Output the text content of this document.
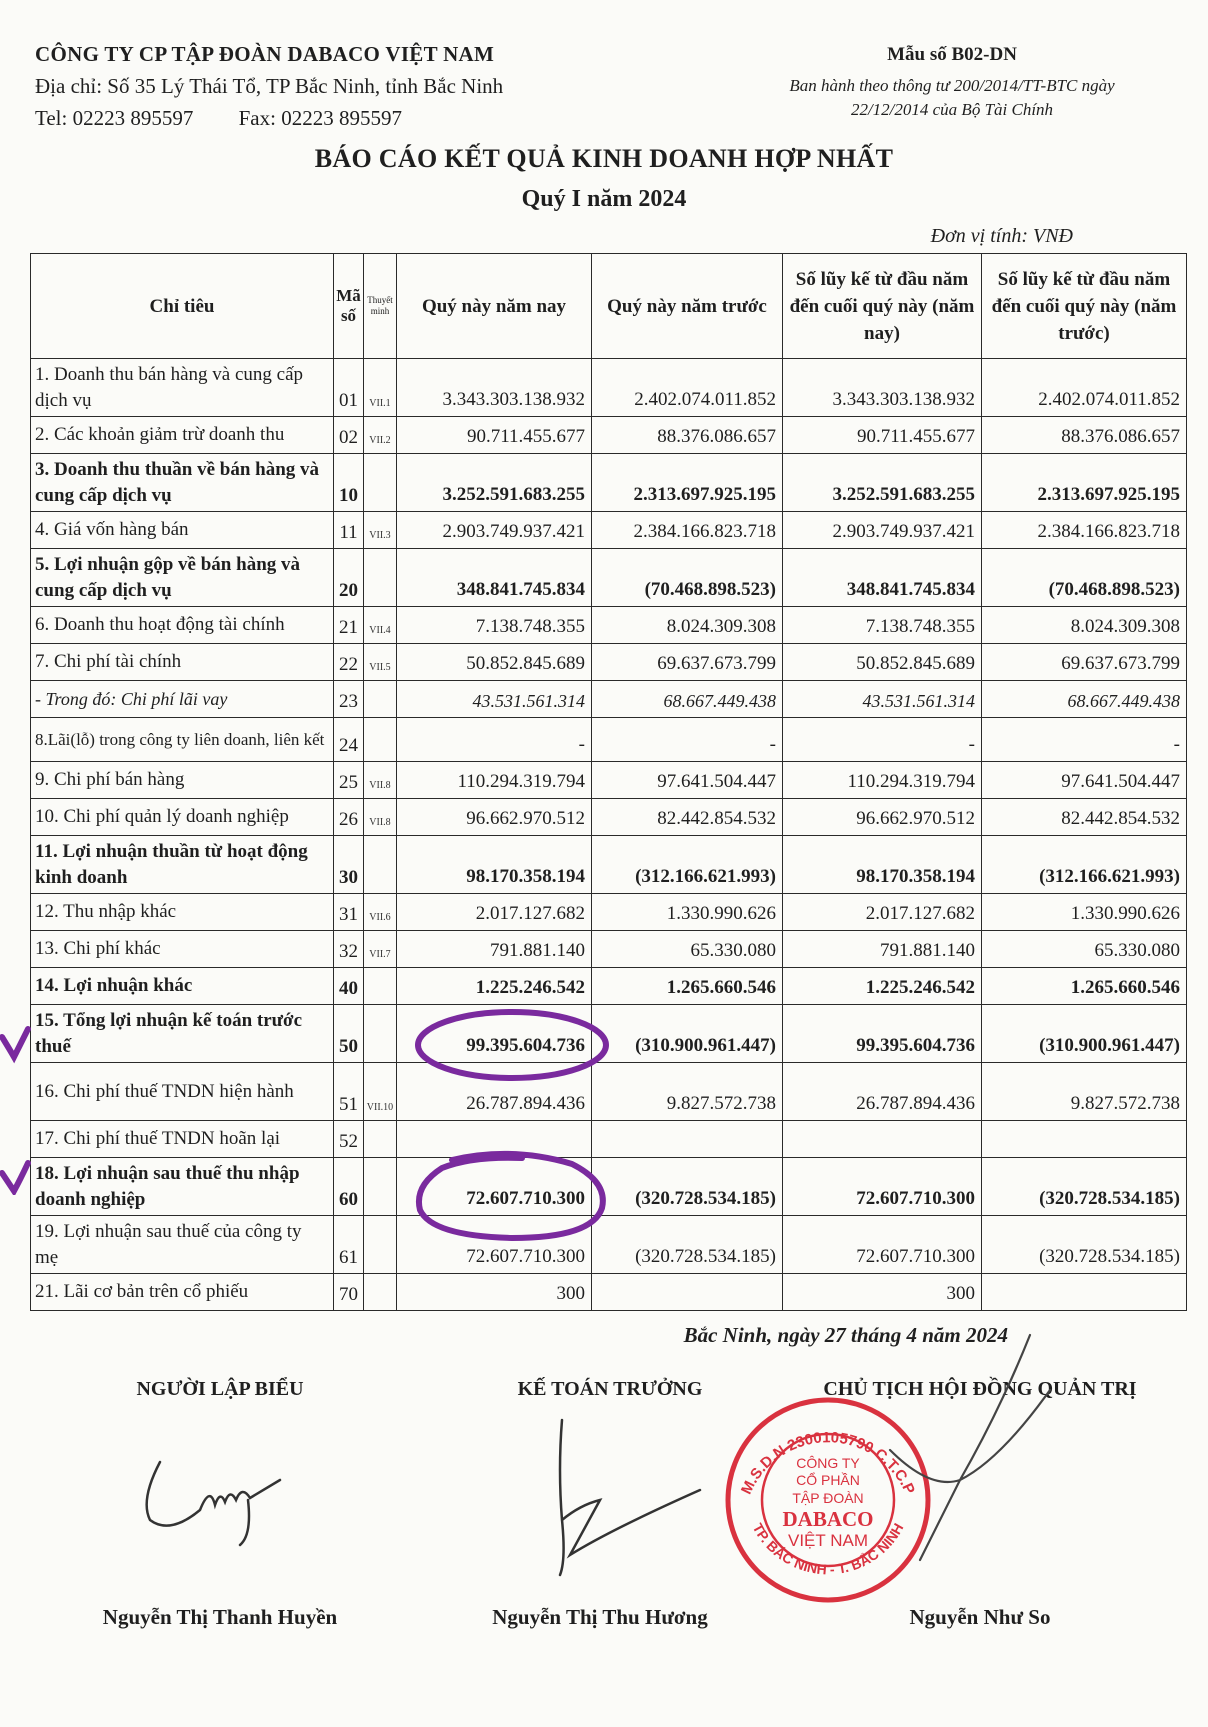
CÔNG TY CP TẬP ĐOÀN DABACO VIỆT NAM
Địa chỉ: Số 35 Lý Thái Tổ, TP Bắc Ninh, tỉnh Bắc Ninh
Tel: 02223 895597 Fax: 02223 895597
Mẫu số B02-DN
Ban hành theo thông tư 200/2014/TT-BTC ngày
22/12/2014 của Bộ Tài Chính
BÁO CÁO KẾT QUẢ KINH DOANH HỢP NHẤT
Quý I năm 2024
Đơn vị tính: VNĐ
Chỉ tiêu	Mã số	Thuyết minh	Quý này năm nay	Quý này năm trước	Số lũy kế từ đầu năm đến cuối quý này (năm nay)	Số lũy kế từ đầu năm đến cuối quý này (năm trước)
1. Doanh thu bán hàng và cung cấp dịch vụ	01	VII.1	3.343.303.138.932	2.402.074.011.852	3.343.303.138.932	2.402.074.011.852
2. Các khoản giảm trừ doanh thu	02	VII.2	90.711.455.677	88.376.086.657	90.711.455.677	88.376.086.657
3. Doanh thu thuần về bán hàng và cung cấp dịch vụ	10		3.252.591.683.255	2.313.697.925.195	3.252.591.683.255	2.313.697.925.195
4. Giá vốn hàng bán	11	VII.3	2.903.749.937.421	2.384.166.823.718	2.903.749.937.421	2.384.166.823.718
5. Lợi nhuận gộp về bán hàng và cung cấp dịch vụ	20		348.841.745.834	(70.468.898.523)	348.841.745.834	(70.468.898.523)
6. Doanh thu hoạt động tài chính	21	VII.4	7.138.748.355	8.024.309.308	7.138.748.355	8.024.309.308
7. Chi phí tài chính	22	VII.5	50.852.845.689	69.637.673.799	50.852.845.689	69.637.673.799
- Trong đó: Chi phí lãi vay	23		43.531.561.314	68.667.449.438	43.531.561.314	68.667.449.438
8.Lãi(lỗ) trong công ty liên doanh, liên kết	24		-	-	-	-
9. Chi phí bán hàng	25	VII.8	110.294.319.794	97.641.504.447	110.294.319.794	97.641.504.447
10. Chi phí quản lý doanh nghiệp	26	VII.8	96.662.970.512	82.442.854.532	96.662.970.512	82.442.854.532
11. Lợi nhuận thuần từ hoạt động kinh doanh	30		98.170.358.194	(312.166.621.993)	98.170.358.194	(312.166.621.993)
12. Thu nhập khác	31	VII.6	2.017.127.682	1.330.990.626	2.017.127.682	1.330.990.626
13. Chi phí khác	32	VII.7	791.881.140	65.330.080	791.881.140	65.330.080
14. Lợi nhuận khác	40		1.225.246.542	1.265.660.546	1.225.246.542	1.265.660.546
15. Tổng lợi nhuận kế toán trước thuế	50		99.395.604.736	(310.900.961.447)	99.395.604.736	(310.900.961.447)
16. Chi phí thuế TNDN hiện hành	51	VII.10	26.787.894.436	9.827.572.738	26.787.894.436	9.827.572.738
17. Chi phí thuế TNDN hoãn lại	52					
18. Lợi nhuận sau thuế thu nhập doanh nghiệp	60		72.607.710.300	(320.728.534.185)	72.607.710.300	(320.728.534.185)
19. Lợi nhuận sau thuế của công ty mẹ	61		72.607.710.300	(320.728.534.185)	72.607.710.300	(320.728.534.185)
21. Lãi cơ bản trên cổ phiếu	70		300		300	
Bắc Ninh, ngày 27 tháng 4 năm 2024
NGƯỜI LẬP BIỂU	KẾ TOÁN TRƯỞNG	CHỦ TỊCH HỘI ĐỒNG QUẢN TRỊ
M.S.D.N 2300105790 C.T.C.P
TP. BẮC NINH - T. BẮC NINH
CÔNG TY
CỔ PHẦN
TẬP ĐOÀN
DABACO
VIỆT NAM
Nguyễn Thị Thanh Huyền	Nguyễn Thị Thu Hương	Nguyễn Như So
